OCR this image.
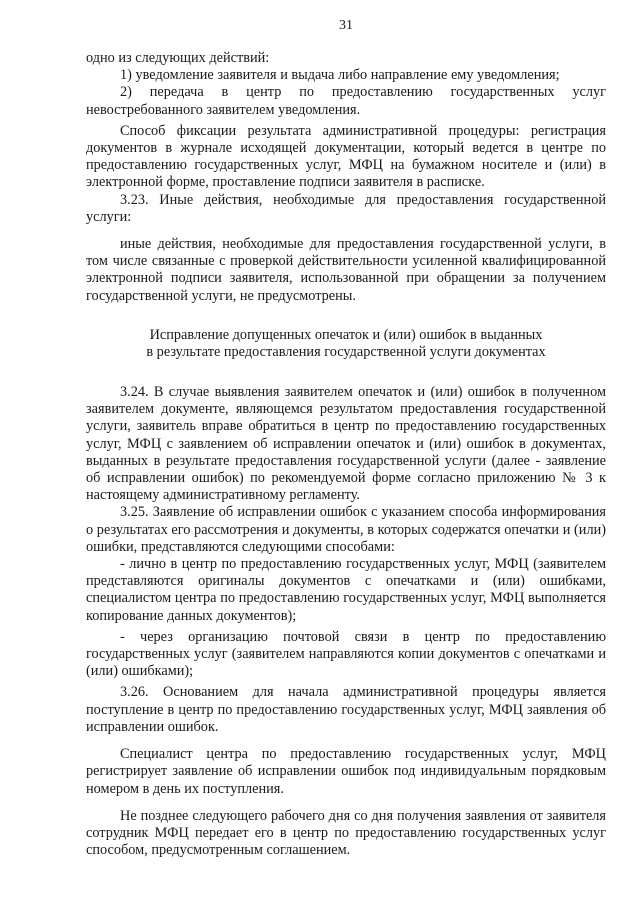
31

одно из следующих действий:

1) уведомление заявителя и выдача либо направление ему уведомления;

2) передача в центр по предоставлению государственных услуг невостребованного заявителем уведомления.

Способ фиксации результата административной процедуры: регистрация документов в журнале исходящей документации, который ведется в центре по предоставлению государственных услуг, МФЦ на бумажном носителе и (или) в электронной форме, проставление подписи заявителя в расписке.

3.23. Иные действия, необходимые для предоставления государственной услуги:

иные действия, необходимые для предоставления государственной услуги, в том числе связанные с проверкой действительности усиленной квалифицированной электронной подписи заявителя, использованной при обращении за получением государственной услуги, не предусмотрены.

Исправление допущенных опечаток и (или) ошибок в выданных
в результате предоставления государственной услуги документах

3.24. В случае выявления заявителем опечаток и (или) ошибок в полученном заявителем документе, являющемся результатом предоставления государственной услуги, заявитель вправе обратиться в центр по предоставлению государственных услуг, МФЦ с заявлением об исправлении опечаток и (или) ошибок в документах, выданных в результате предоставления государственной услуги (далее - заявление об исправлении ошибок) по рекомендуемой форме согласно приложению № 3 к настоящему административному регламенту.

3.25. Заявление об исправлении ошибок с указанием способа информирования о результатах его рассмотрения и документы, в которых содержатся опечатки и (или) ошибки, представляются следующими способами:

- лично в центр по предоставлению государственных услуг, МФЦ (заявителем представляются оригиналы документов с опечатками и (или) ошибками, специалистом центра по предоставлению государственных услуг, МФЦ выполняется копирование данных документов);

- через организацию почтовой связи в центр по предоставлению государственных услуг (заявителем направляются копии документов с опечатками и (или) ошибками);

3.26. Основанием для начала административной процедуры является поступление в центр по предоставлению государственных услуг, МФЦ заявления об исправлении ошибок.

Специалист центра по предоставлению государственных услуг, МФЦ регистрирует заявление об исправлении ошибок под индивидуальным порядковым номером в день их поступления.

Не позднее следующего рабочего дня со дня получения заявления от заявителя сотрудник МФЦ передает его в центр по предоставлению государственных услуг способом, предусмотренным соглашением.
